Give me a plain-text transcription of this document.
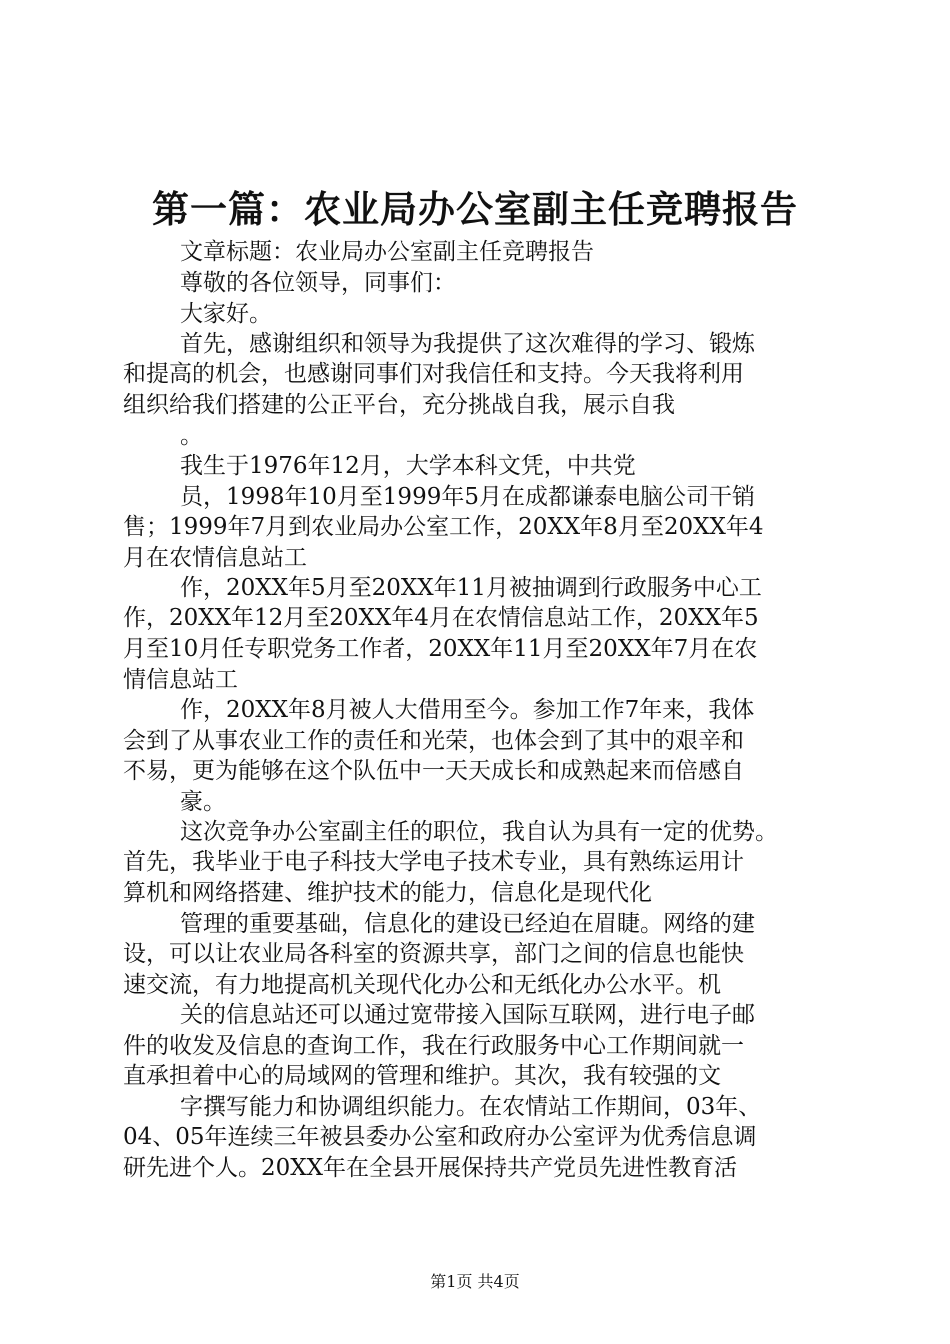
第一篇：农业局办公室副主任竞聘报告
文章标题：农业局办公室副主任竞聘报告
尊敬的各位领导，同事们：
大家好。
首先，感谢组织和领导为我提供了这次难得的学习、锻炼
和提高的机会，也感谢同事们对我信任和支持。今天我将利用
组织给我们搭建的公正平台，充分挑战自我，展示自我
。
我生于1976年12月，大学本科文凭，中共党
员，1998年10月至1999年5月在成都谦泰电脑公司干销
售；1999年7月到农业局办公室工作，20XX年8月至20XX年4
月在农情信息站工
作，20XX年5月至20XX年11月被抽调到行政服务中心工
作，20XX年12月至20XX年4月在农情信息站工作，20XX年5
月至10月任专职党务工作者，20XX年11月至20XX年7月在农
情信息站工
作，20XX年8月被人大借用至今。参加工作7年来，我体
会到了从事农业工作的责任和光荣，也体会到了其中的艰辛和
不易，更为能够在这个队伍中一天天成长和成熟起来而倍感自
豪。
这次竞争办公室副主任的职位，我自认为具有一定的优势。
首先，我毕业于电子科技大学电子技术专业，具有熟练运用计
算机和网络搭建、维护技术的能力，信息化是现代化
管理的重要基础，信息化的建设已经迫在眉睫。网络的建
设，可以让农业局各科室的资源共享，部门之间的信息也能快
速交流，有力地提高机关现代化办公和无纸化办公水平。机
关的信息站还可以通过宽带接入国际互联网，进行电子邮
件的收发及信息的查询工作，我在行政服务中心工作期间就一
直承担着中心的局域网的管理和维护。其次，我有较强的文
字撰写能力和协调组织能力。在农情站工作期间，03年、
04、05年连续三年被县委办公室和政府办公室评为优秀信息调
研先进个人。20XX年在全县开展保持共产党员先进性教育活
第1页 共4页
